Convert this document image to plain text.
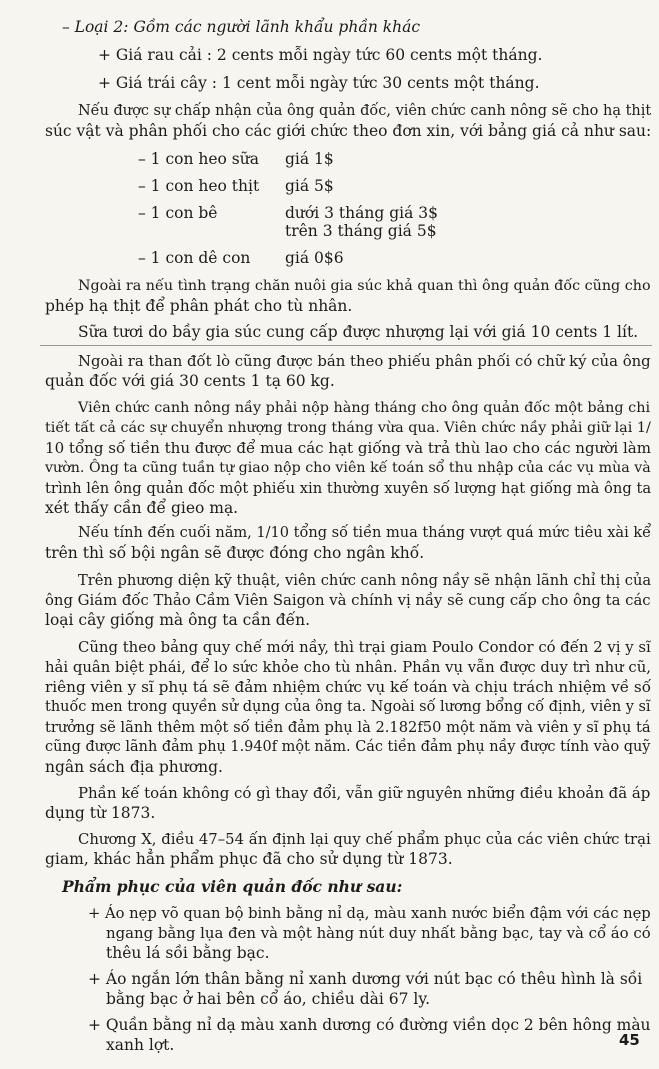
– Loại 2: Gồm các người lãnh khẩu phần khác
+ Giá rau cải : 2 cents mỗi ngày tức 60 cents một tháng.
+ Giá trái cây : 1 cent mỗi ngày tức 30 cents một tháng.
Nếu được sự chấp nhận của ông quản đốc, viên chức canh nông sẽ cho hạ thịt
súc vật và phân phối cho các giới chức theo đơn xin, với bảng giá cả như sau:
– 1 con heo sữa giá 1$
– 1 con heo thịt giá 5$
– 1 con bê	dưới 3 tháng giá 3$
trên 3 tháng giá 5$
– 1 con dê con giá 0$6
Ngoài ra nếu tình trạng chăn nuôi gia súc khả quan thì ông quản đốc cũng cho
phép hạ thịt để phân phát cho tù nhân.
Sữa tươi do bầy gia súc cung cấp được nhượng lại với giá 10 cents 1 lít.
Ngoài ra than đốt lò cũng được bán theo phiếu phân phối có chữ ký của ông
quản đốc với giá 30 cents 1 tạ 60 kg.
Viên chức canh nông nầy phải nộp hàng tháng cho ông quản đốc một bảng chi
tiết tất cả các sự chuyển nhượng trong tháng vừa qua. Viên chức nầy phải giữ lại 1/
10 tổng số tiền thu được để mua các hạt giống và trả thù lao cho các người làm
vườn. Ông ta cũng tuần tự giao nộp cho viên kế toán sổ thu nhập của các vụ mùa và
trình lên ông quản đốc một phiếu xin thường xuyên số lượng hạt giống mà ông ta
xét thấy cần để gieo mạ.
Nếu tính đến cuối năm, 1/10 tổng số tiền mua tháng vượt quá mức tiêu xài kể
trên thì số bội ngân sẽ được đóng cho ngân khố.
Trên phương diện kỹ thuật, viên chức canh nông nầy sẽ nhận lãnh chỉ thị của
ông Giám đốc Thảo Cầm Viên Saigon và chính vị nầy sẽ cung cấp cho ông ta các
loại cây giống mà ông ta cần đến.
Cũng theo bảng quy chế mới nầy, thì trại giam Poulo Condor có đến 2 vị y sĩ
hải quân biệt phái, để lo sức khỏe cho tù nhân. Phần vụ vẫn được duy trì như cũ,
riêng viên y sĩ phụ tá sẽ đảm nhiệm chức vụ kế toán và chịu trách nhiệm về số
thuốc men trong quyền sử dụng của ông ta. Ngoài số lương bổng cố định, viên y sĩ
trưởng sẽ lãnh thêm một số tiền đảm phụ là 2.182f50 một năm và viên y sĩ phụ tá
cũng được lãnh đảm phụ 1.940f một năm. Các tiền đảm phụ nầy được tính vào quỹ
ngân sách địa phương.
Phần kế toán không có gì thay đổi, vẫn giữ nguyên những điều khoản đã áp
dụng từ 1873.
Chương X, điều 47–54 ấn định lại quy chế phẩm phục của các viên chức trại
giam, khác hẳn phẩm phục đã cho sử dụng từ 1873.
Phẩm phục của viên quản đốc như sau:
+ Áo nẹp võ quan bộ binh bằng nỉ dạ, màu xanh nước biển đậm với các nẹp
ngang bằng lụa đen và một hàng nút duy nhất bằng bạc, tay và cổ áo có
thêu lá sồi bằng bạc.
+ Áo ngắn lớn thân bằng nỉ xanh dương với nút bạc có thêu hình là sồi
bằng bạc ở hai bên cổ áo, chiều dài 67 ly.
+ Quần bằng nỉ dạ màu xanh dương có đường viền dọc 2 bên hông màu
xanh lợt.	45
